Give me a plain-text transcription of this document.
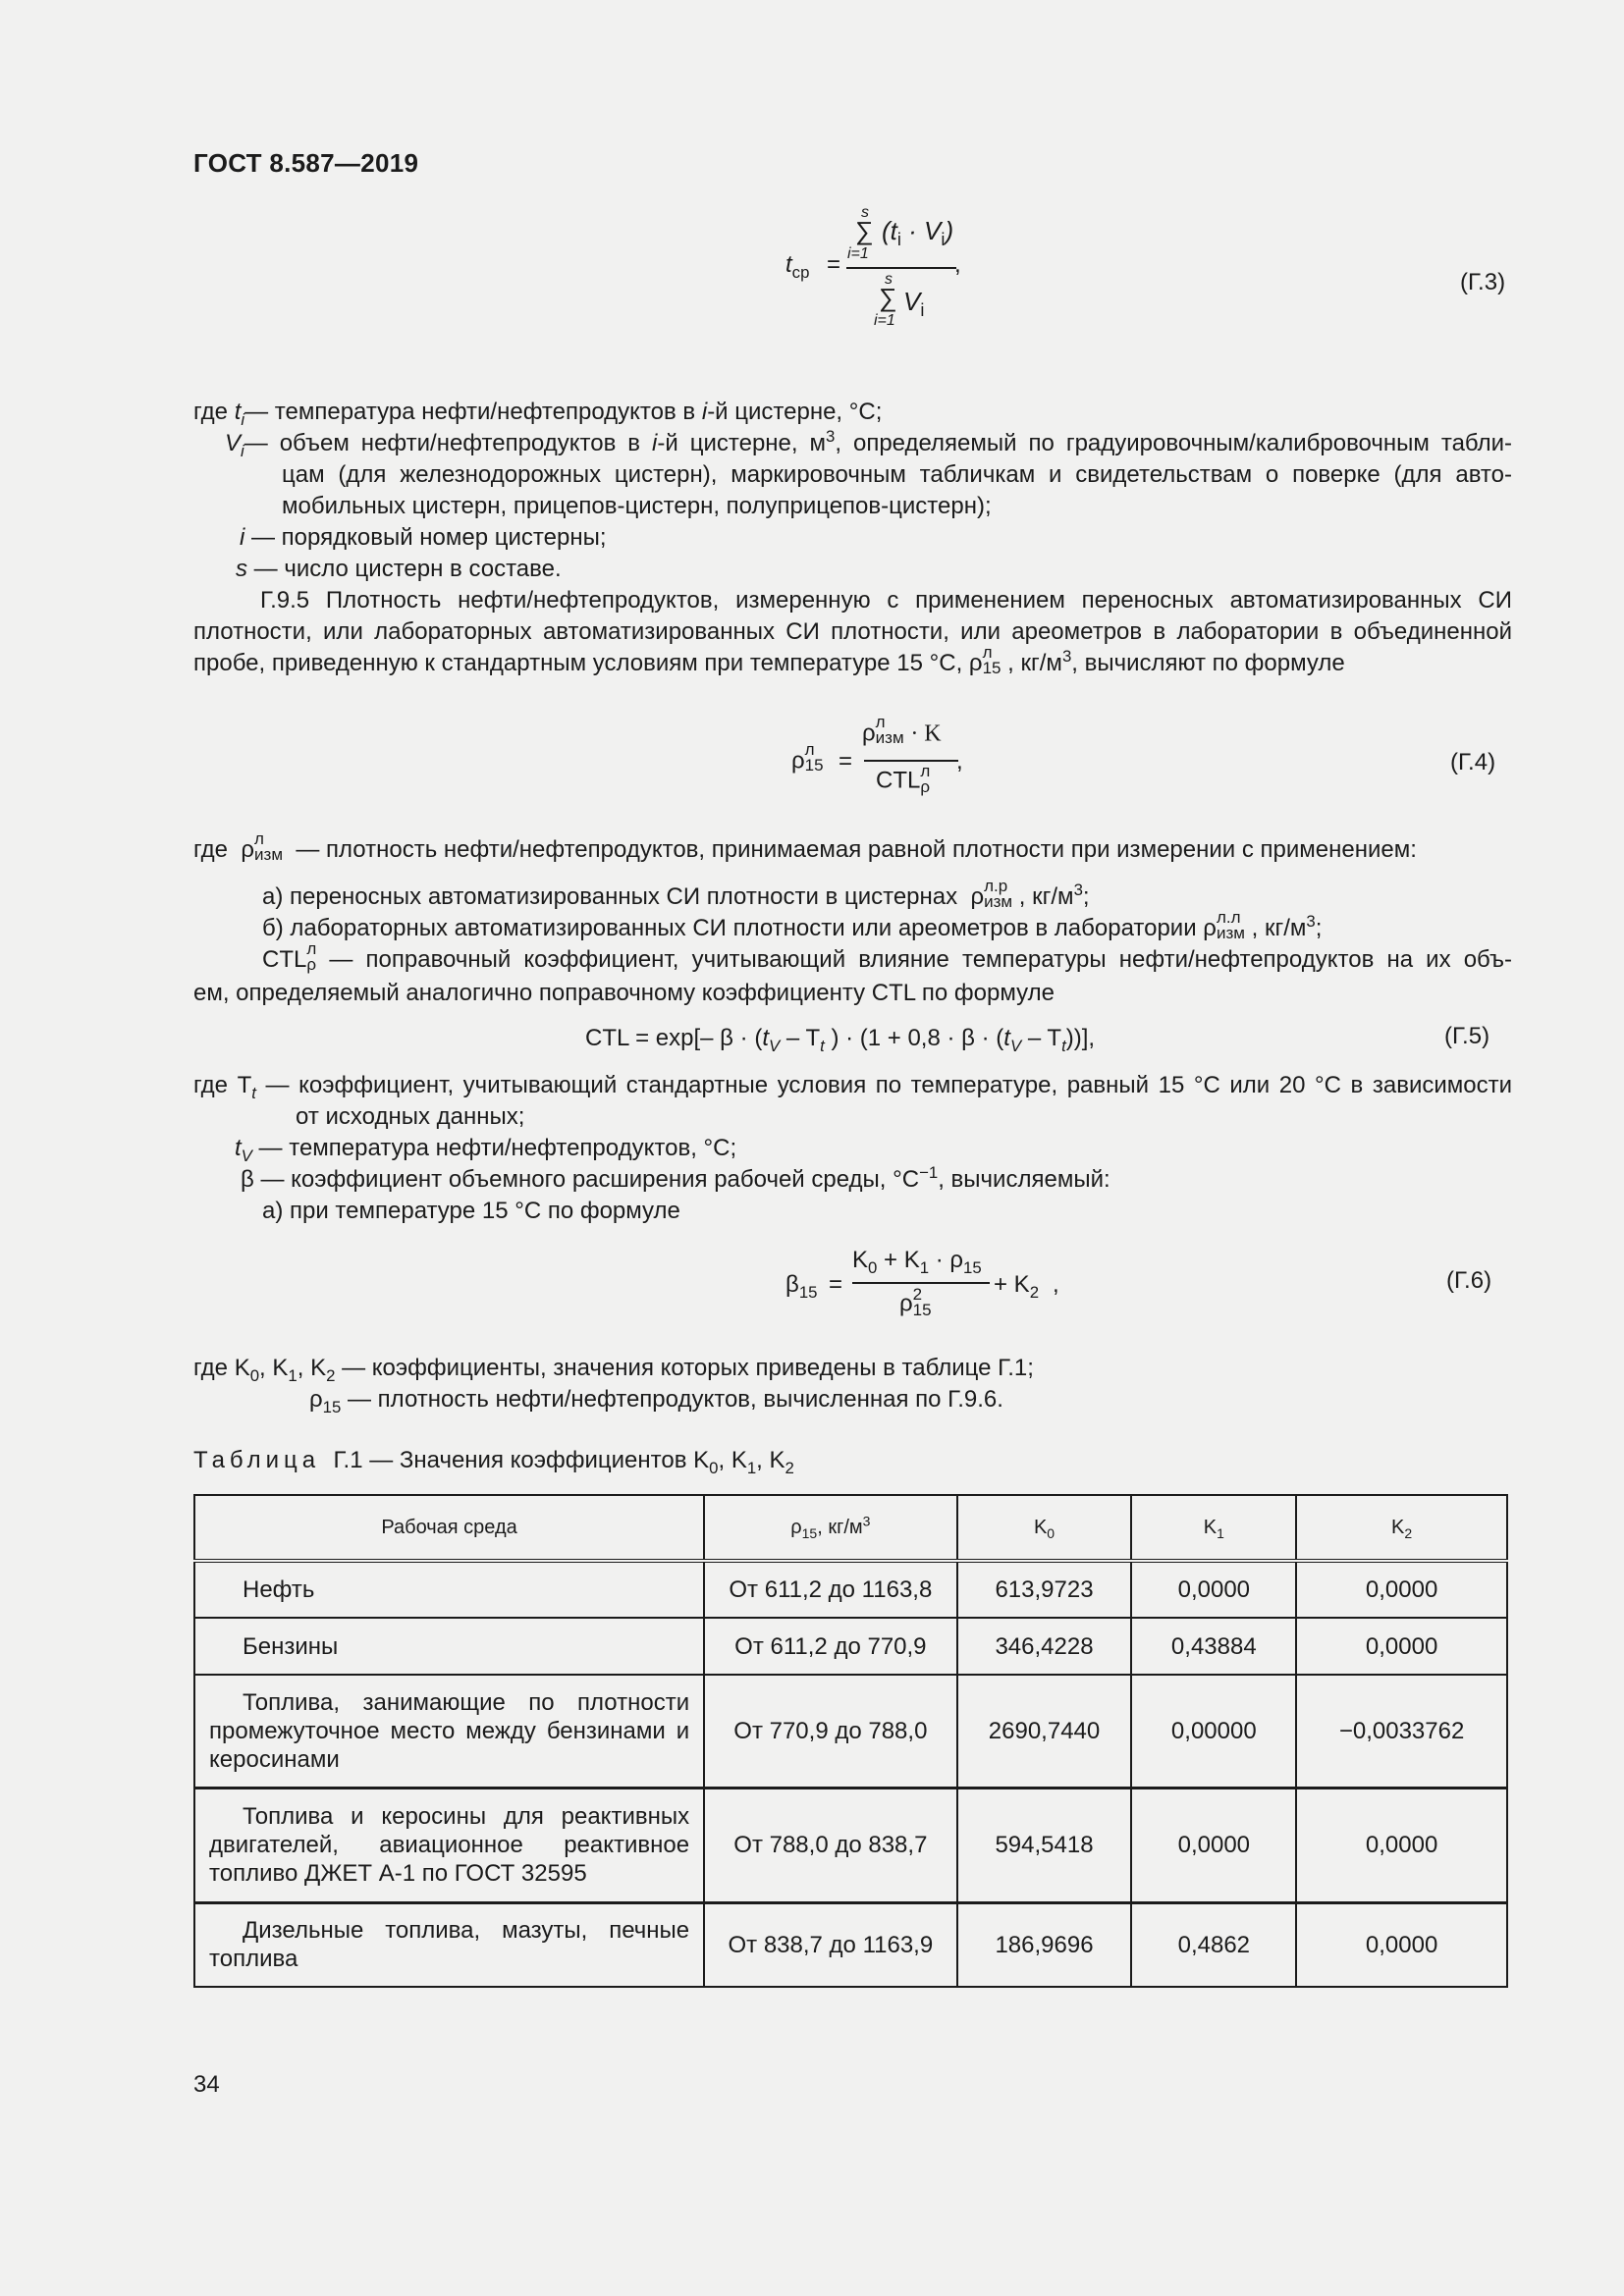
ГОСТ 8.587—2019
$t_{ср}$ =
s
∑
i=1
$(t_i \cdot V_i)$
s
∑
i=1
$V_i$
,
(Г.3)
где $t_i—$ температура нефти/нефтепродуктов в i-й цистерне, °С;
$V_i—$ объем нефти/нефтепродуктов в i-й цистерне, $м^3$, определяемый по градуировочным/калибровочным табли-
цам (для железнодорожных цистерн), маркировочным табличкам и свидетельствам о поверке (для авто-
мобильных цистерн, прицепов-цистерн, полуприцепов-цистерн);
i — порядковый номер цистерны;
s — число цистерн в составе.
Г.9.5 Плотность нефти/нефтепродуктов, измеренную с применением переносных автоматизированных СИ
плотности, или лабораторных автоматизированных СИ плотности, или ареометров в лаборатории в объединенной
пробе, приведенную к стандартным условиям при температуре 15 °С, ρ л
15 , $кг/м^3$, вычисляют по формуле
ρ л
15 =
ρ л
изм · K
CTL л
ρ
,	(Г.4)
где ρ л
изм — плотность нефти/нефтепродуктов, принимаемая равной плотности при измерении с применением:
а) переносных автоматизированных СИ плотности в цистернах  ρ л.р
изм , $кг/м^3$;
б) лабораторных автоматизированных СИ плотности или ареометров в лаборатории ρ л.л
изм , $кг/м^3$;
CTL л
ρ — поправочный коэффициент, учитывающий влияние температуры нефти/нефтепродуктов на их объ-
ем, определяемый аналогично поправочному коэффициенту CTL по формуле
CTL = exp[– $\beta \cdot (t_V - T_t$ ) · $(1 + 0,8 \cdot \beta \cdot (t_V - T_t))$],	(Г.5)
где $T_t$ — коэффициент, учитывающий стандартные условия по температуре, равный 15 °С или 20 °С в зависимости
от исходных данных;
$t_V$ — температура нефти/нефтепродуктов, °С;
β — коэффициент объемного расширения рабочей среды, $^\circ С^{-1}$, вычисляемый:
а) при температуре 15 °С по формуле
$\beta_{15}$ =
$K_0 + K_1 \cdot \rho_{15}$
ρ 2
15
+ $K_2$ ,	(Г.6)
где $K_0$, $K_1$, $K_2$ — коэффициенты, значения которых приведены в таблице Г.1;
$\rho_{15}$ — плотность нефти/нефтепродуктов, вычисленная по Г.9.6.
Таблица Г.1 — Значения коэффициентов $K_0$, $K_1$, $K_2$
Рабочая среда	$\rho_{15}$, $кг/м^3$	$K_0$	$K_1$	$K_2$
Нефть	От 611,2 до 1163,8	613,9723	0,0000	0,0000
Бензины	От 611,2 до 770,9	346,4228	0,43884	0,0000
Топлива, занимающие по плотности промежуточное место между бензинами и керосинами	От 770,9 до 788,0	2690,7440	0,00000	−0,0033762
Топлива и керосины для реактивных двигателей, авиационное реактивное топливо ДЖЕТ А-1 по ГОСТ 32595	От 788,0 до 838,7	594,5418	0,0000	0,0000
Дизельные топлива, мазуты, печные топлива	От 838,7 до 1163,9	186,9696	0,4862	0,0000
34
